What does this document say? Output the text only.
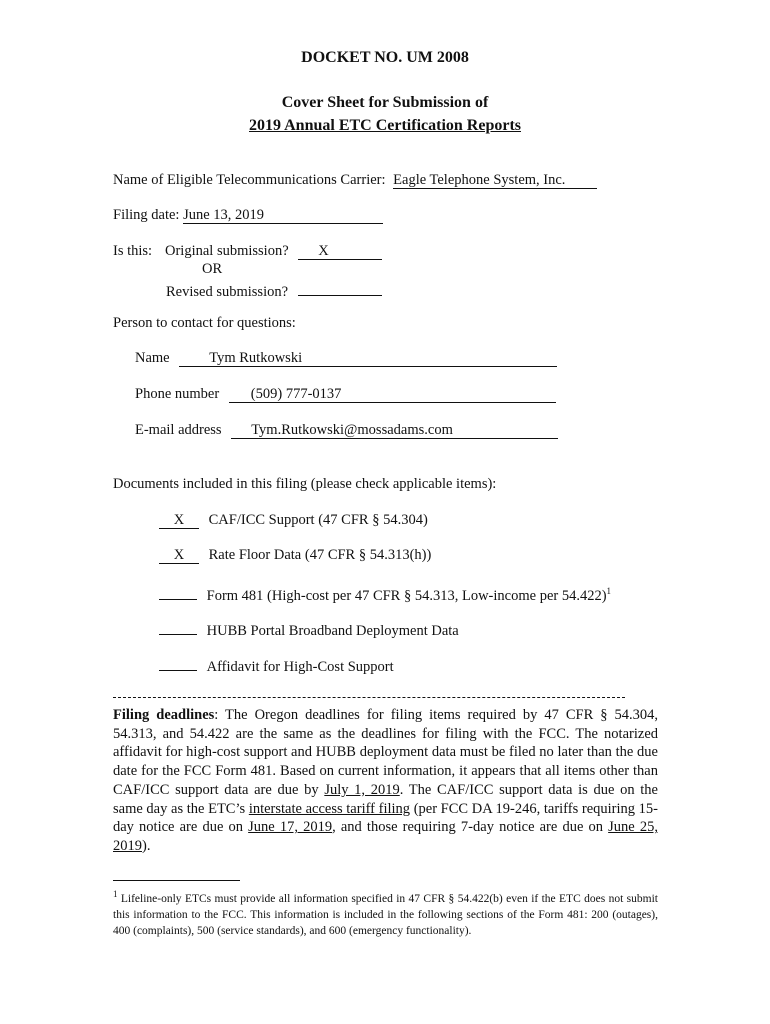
DOCKET NO. UM 2008
Cover Sheet for Submission of
2019 Annual ETC Certification Reports
Name of Eligible Telecommunications Carrier: Eagle Telephone System, Inc.
Filing date: June 13, 2019
Is this: Original submission? X
OR
Revised submission?
Person to contact for questions:
Name	Tym Rutkowski
Phone number (509) 777-0137
E-mail address Tym.Rutkowski@mossadams.com
Documents included in this filing (please check applicable items):
X CAF/ICC Support (47 CFR § 54.304)
X Rate Floor Data (47 CFR § 54.313(h))
Form 481 (High-cost per 47 CFR § 54.313, Low-income per 54.422)$^1$
HUBB Portal Broadband Deployment Data
Affidavit for High-Cost Support
Filing deadlines: The Oregon deadlines for filing items required by 47 CFR § 54.304, 54.313, and 54.422 are the same as the deadlines for filing with the FCC. The notarized affidavit for high-cost support and HUBB deployment data must be filed no later than the due date for the FCC Form 481. Based on current information, it appears that all items other than CAF/ICC support data are due by July 1, 2019. The CAF/ICC support data is due on the same day as the ETC’s interstate access tariff filing (per FCC DA 19-246, tariffs requiring 15-day notice are due on June 17, 2019, and those requiring 7-day notice are due on June 25, 2019).
$^1$ Lifeline-only ETCs must provide all information specified in 47 CFR § 54.422(b) even if the ETC does not submit this information to the FCC. This information is included in the following sections of the Form 481: 200 (outages), 400 (complaints), 500 (service standards), and 600 (emergency functionality).
